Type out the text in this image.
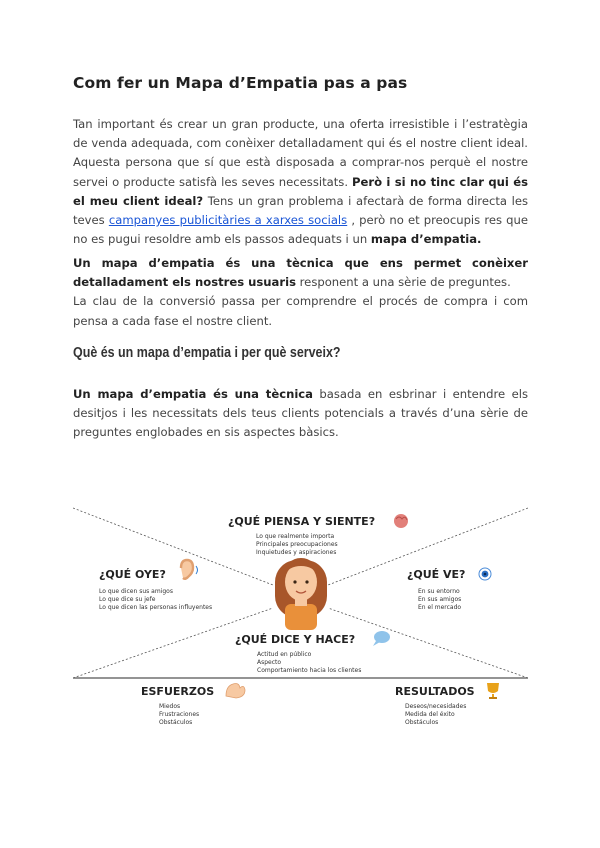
Com fer un Mapa d’Empatia pas a pas

Tan important és crear un gran producte, una oferta irresistible i l’estratègia de venda adequada, com conèixer detalladament qui és el nostre client ideal. Aquesta persona que sí que està disposada a comprar-nos perquè el nostre servei o producte satisfà les seves necessitats. Però i si no tinc clar qui és el meu client ideal? Tens un gran problema i afectarà de forma directa les teves campanyes publicitàries a xarxes socials , però no et preocupis res que no es pugui resoldre amb els passos adequats i un mapa d’empatia.

Un mapa d’empatia és una tècnica que ens permet conèixer detalladament els nostres usuaris responent a una sèrie de preguntes.
La clau de la conversió passa per comprendre el procés de compra i com pensa a cada fase el nostre client.

Què és un mapa d’empatia i per què serveix?

Un mapa d’empatia és una tècnica basada en esbrinar i entendre els desitjos i les necessitats dels teus clients potencials a través d’una sèrie de preguntes englobades en sis aspectes bàsics.

¿QUÉ PIENSA Y SIENTE?
Lo que realmente importa
Principales preocupaciones
Inquietudes y aspiraciones
¿QUÉ OYE?
Lo que dicen sus amigos
Lo que dice su jefe
Lo que dicen las personas influyentes
¿QUÉ VE?
En su entorno
En sus amigos
En el mercado
¿QUÉ DICE Y HACE?
Actitud en público
Aspecto
Comportamiento hacia los clientes
ESFUERZOS
Miedos
Frustraciones
Obstáculos
RESULTADOS
Deseos/necesidades
Medida del éxito
Obstáculos
